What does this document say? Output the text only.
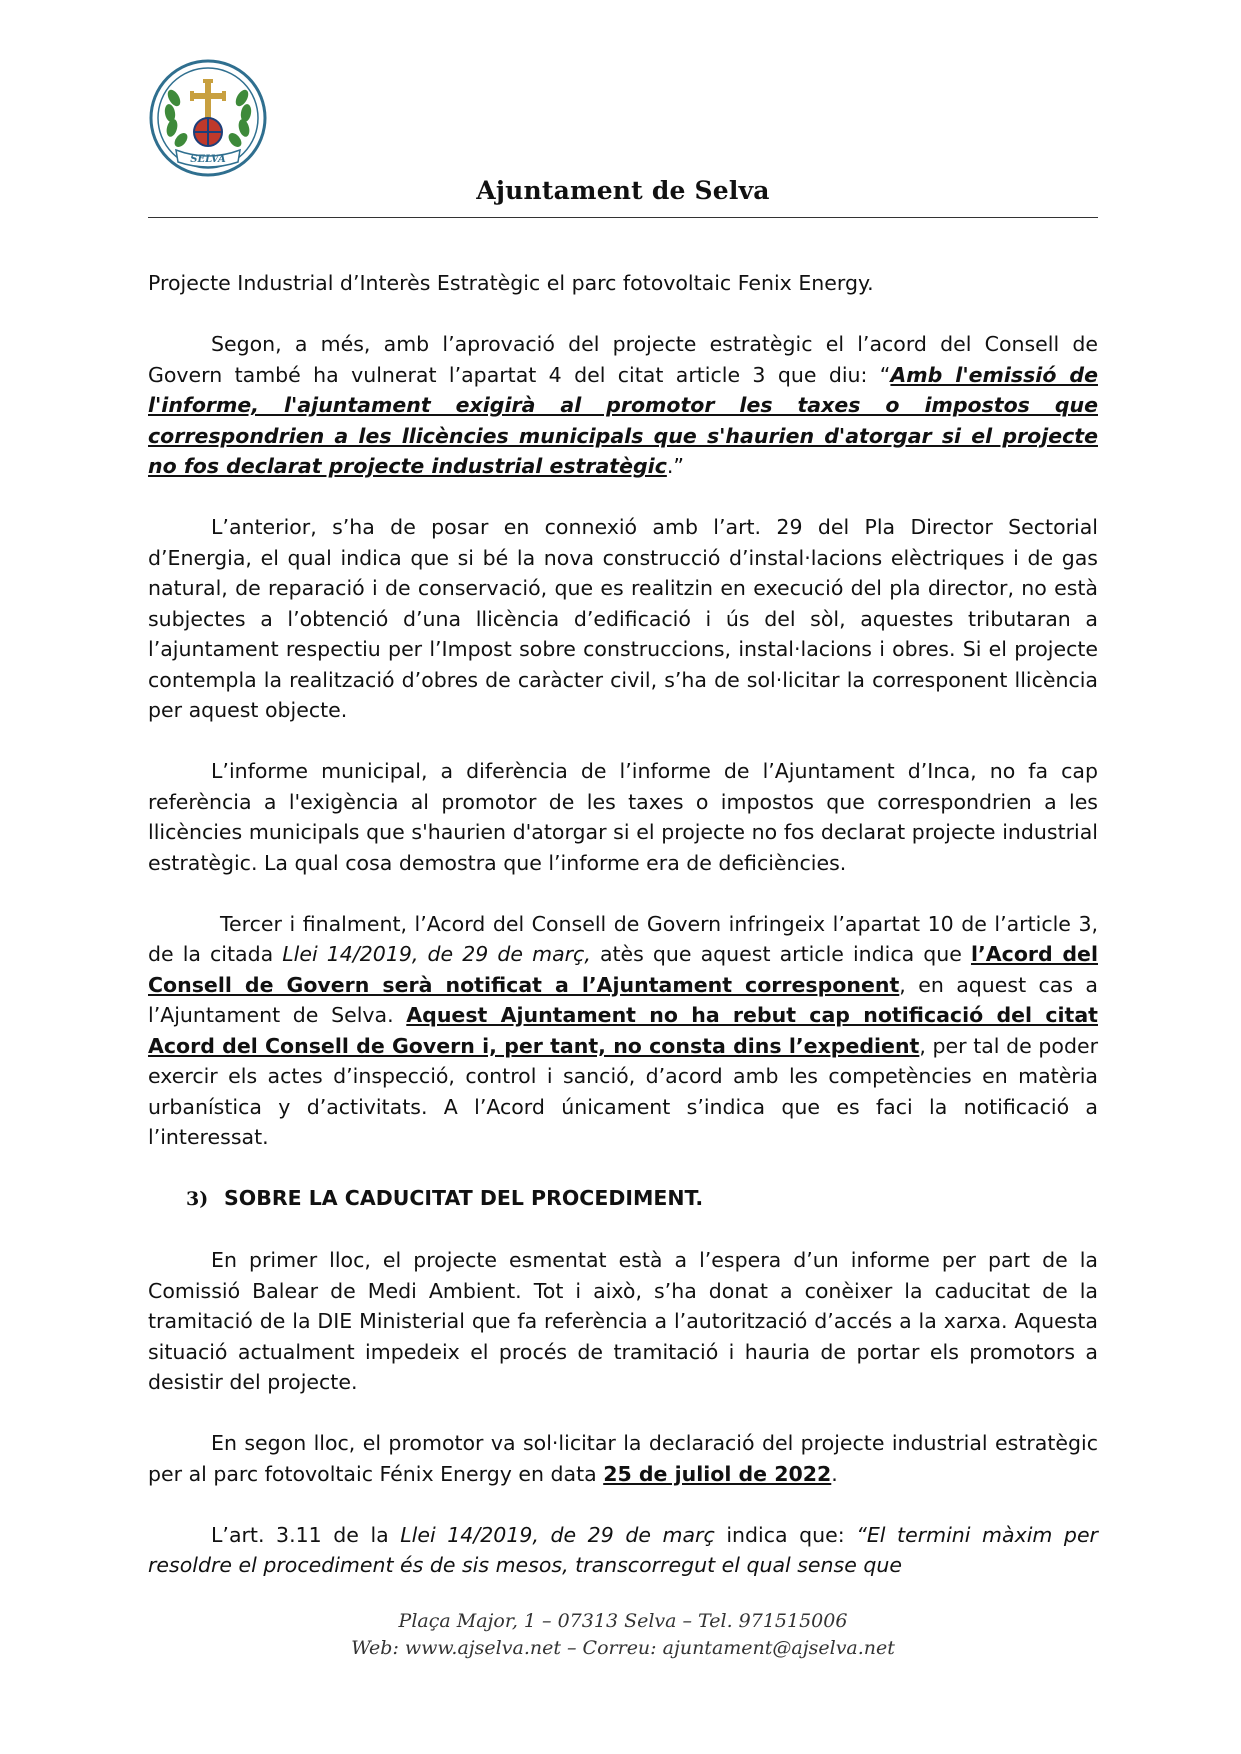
SELVA
Ajuntament de Selva

Projecte Industrial d’Interès Estratègic el parc fotovoltaic Fenix Energy.

Segon, a més, amb l’aprovació del projecte estratègic el l’acord del Consell de Govern també ha vulnerat l’apartat 4 del citat article 3 que diu: “Amb l'emissió de l'informe, l'ajuntament exigirà al promotor les taxes o impostos que correspondrien a les llicències municipals que s'haurien d'atorgar si el projecte no fos declarat projecte industrial estratègic.”

L’anterior, s’ha de posar en connexió amb l’art. 29 del Pla Director Sectorial d’Energia, el qual indica que si bé la nova construcció d’instal·lacions elèctriques i de gas natural, de reparació i de conservació, que es realitzin en execució del pla director, no està subjectes a l’obtenció d’una llicència d’edificació i ús del sòl, aquestes tributaran a l’ajuntament respectiu per l’Impost sobre construccions, instal·lacions i obres. Si el projecte contempla la realització d’obres de caràcter civil, s’ha de sol·licitar la corresponent llicència per aquest objecte.

L’informe municipal, a diferència de l’informe de l’Ajuntament d’Inca, no fa cap referència a l'exigència al promotor de les taxes o impostos que correspondrien a les llicències municipals que s'haurien d'atorgar si el projecte no fos declarat projecte industrial estratègic. La qual cosa demostra que l’informe era de deficiències.

Tercer i finalment, l’Acord del Consell de Govern infringeix l’apartat 10 de l’article 3, de la citada Llei 14/2019, de 29 de març, atès que aquest article indica que l’Acord del Consell de Govern serà notificat a l’Ajuntament corresponent, en aquest cas a l’Ajuntament de Selva. Aquest Ajuntament no ha rebut cap notificació del citat Acord del Consell de Govern i, per tant, no consta dins l’expedient, per tal de poder exercir els actes d’inspecció, control i sanció, d’acord amb les competències en matèria urbanística y d’activitats. A l’Acord únicament s’indica que es faci la notificació a l’interessat.

3) SOBRE LA CADUCITAT DEL PROCEDIMENT.

En primer lloc, el projecte esmentat està a l’espera d’un informe per part de la Comissió Balear de Medi Ambient. Tot i això, s’ha donat a conèixer la caducitat de la tramitació de la DIE Ministerial que fa referència a l’autorització d’accés a la xarxa. Aquesta situació actualment impedeix el procés de tramitació i hauria de portar els promotors a desistir del projecte.

En segon lloc, el promotor va sol·licitar la declaració del projecte industrial estratègic per al parc fotovoltaic Fénix Energy en data 25 de juliol de 2022.

L’art. 3.11 de la Llei 14/2019, de 29 de març indica que: “El termini màxim per resoldre el procediment és de sis mesos, transcorregut el qual sense que

Plaça Major, 1 – 07313 Selva – Tel. 971515006
Web: www.ajselva.net – Correu: ajuntament@ajselva.net
